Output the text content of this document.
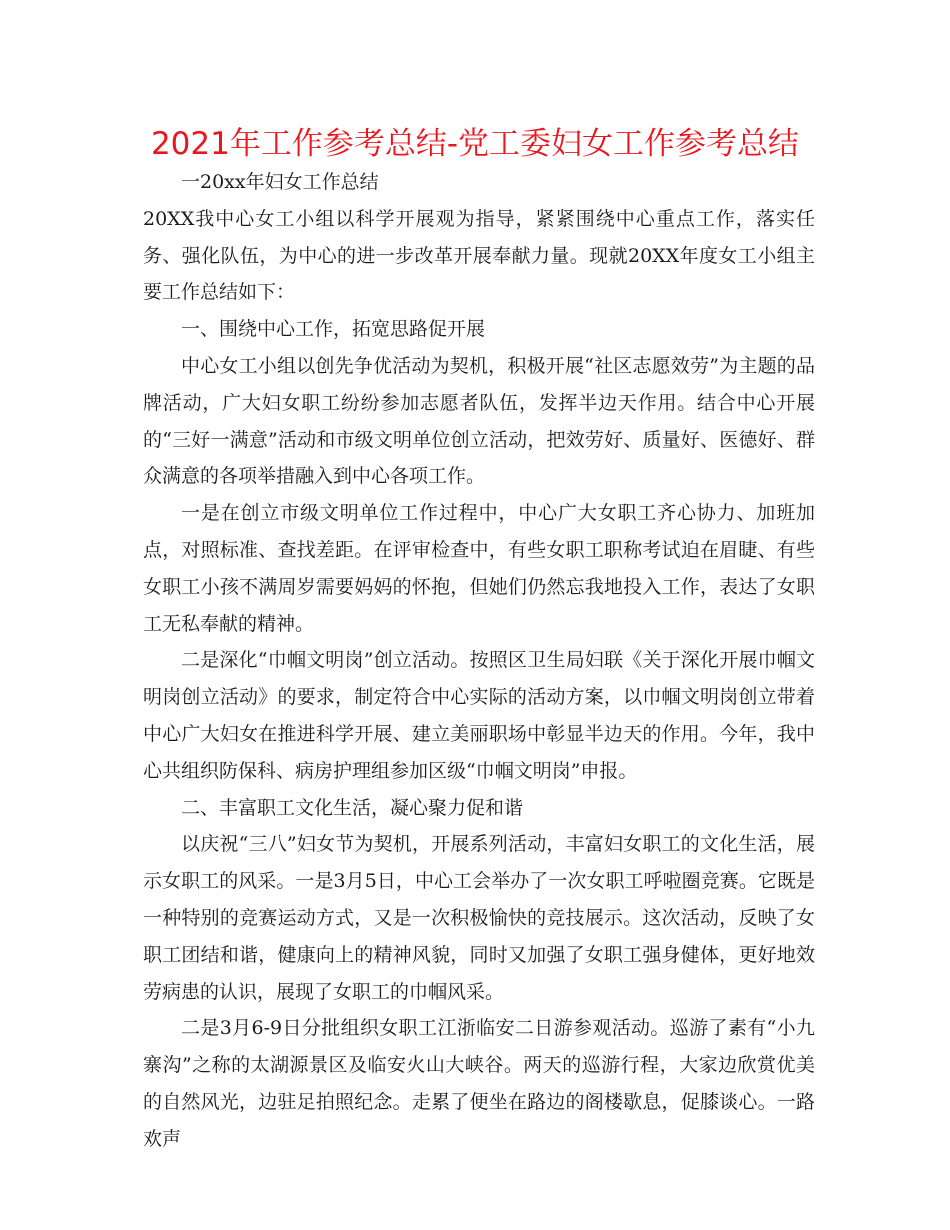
2021年工作参考总结-党工委妇女工作参考总结

一20xx年妇女工作总结

20XX我中心女工小组以科学开展观为指导，紧紧围绕中心重点工作，落实任务、强化队伍，为中心的进一步改革开展奉献力量。现就20XX年度女工小组主要工作总结如下：

一、围绕中心工作，拓宽思路促开展

中心女工小组以创先争优活动为契机，积极开展“社区志愿效劳”为主题的品牌活动，广大妇女职工纷纷参加志愿者队伍，发挥半边天作用。结合中心开展的“三好一满意”活动和市级文明单位创立活动，把效劳好、质量好、医德好、群众满意的各项举措融入到中心各项工作。

一是在创立市级文明单位工作过程中，中心广大女职工齐心协力、加班加点，对照标准、查找差距。在评审检查中，有些女职工职称考试迫在眉睫、有些女职工小孩不满周岁需要妈妈的怀抱，但她们仍然忘我地投入工作，表达了女职工无私奉献的精神。

二是深化“巾帼文明岗”创立活动。按照区卫生局妇联《关于深化开展巾帼文明岗创立活动》的要求，制定符合中心实际的活动方案，以巾帼文明岗创立带着中心广大妇女在推进科学开展、建立美丽职场中彰显半边天的作用。今年，我中心共组织防保科、病房护理组参加区级“巾帼文明岗”申报。

二、丰富职工文化生活，凝心聚力促和谐

以庆祝“三八”妇女节为契机，开展系列活动，丰富妇女职工的文化生活，展示女职工的风采。一是3月5日，中心工会举办了一次女职工呼啦圈竞赛。它既是一种特别的竞赛运动方式，又是一次积极愉快的竞技展示。这次活动，反映了女职工团结和谐，健康向上的精神风貌，同时又加强了女职工强身健体，更好地效劳病患的认识，展现了女职工的巾帼风采。

二是3月6-9日分批组织女职工江浙临安二日游参观活动。巡游了素有“小九寨沟”之称的太湖源景区及临安火山大峡谷。两天的巡游行程，大家边欣赏优美的自然风光，边驻足拍照纪念。走累了便坐在路边的阁楼歇息，促膝谈心。一路欢声
